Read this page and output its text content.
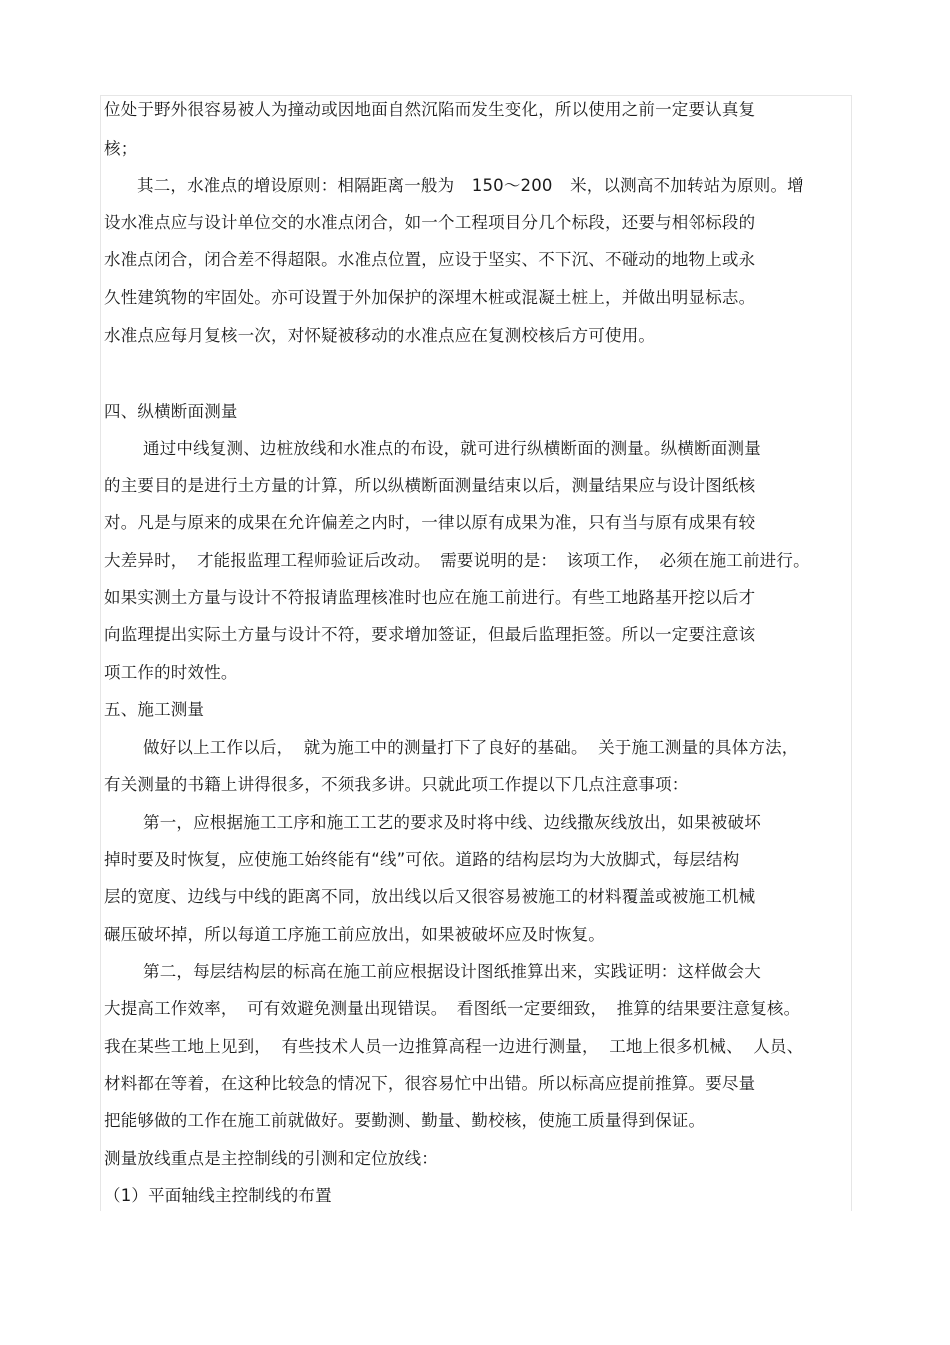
位处于野外很容易被人为撞动或因地面自然沉陷而发生变化，所以使用之前一定要认真复
核；
其二，水准点的增设原则：相隔距离一般为 150～200 米，以测高不加转站为原则。增
设水准点应与设计单位交的水准点闭合，如一个工程项目分几个标段，还要与相邻标段的
水准点闭合，闭合差不得超限。水准点位置，应设于坚实、不下沉、不碰动的地物上或永
久性建筑物的牢固处。亦可设置于外加保护的深埋木桩或混凝土桩上，并做出明显标志。
水准点应每月复核一次，对怀疑被移动的水准点应在复测校核后方可使用。
四、纵横断面测量
通过中线复测、边桩放线和水准点的布设，就可进行纵横断面的测量。纵横断面测量
的主要目的是进行土方量的计算，所以纵横断面测量结束以后，测量结果应与设计图纸核
对。凡是与原来的成果在允许偏差之内时，一律以原有成果为准，只有当与原有成果有较
大差异时， 才能报监理工程师验证后改动。 需要说明的是： 该项工作， 必须在施工前进行。
如果实测土方量与设计不符报请监理核准时也应在施工前进行。有些工地路基开挖以后才
向监理提出实际土方量与设计不符，要求增加签证，但最后监理拒签。所以一定要注意该
项工作的时效性。
五、施工测量
做好以上工作以后， 就为施工中的测量打下了良好的基础。 关于施工测量的具体方法，
有关测量的书籍上讲得很多，不须我多讲。只就此项工作提以下几点注意事项：
第一，应根据施工工序和施工工艺的要求及时将中线、边线撒灰线放出，如果被破坏
掉时要及时恢复，应使施工始终能有“线”可依。道路的结构层均为大放脚式，每层结构
层的宽度、边线与中线的距离不同，放出线以后又很容易被施工的材料覆盖或被施工机械
碾压破坏掉，所以每道工序施工前应放出，如果被破坏应及时恢复。
第二，每层结构层的标高在施工前应根据设计图纸推算出来，实践证明：这样做会大
大提高工作效率， 可有效避免测量出现错误。 看图纸一定要细致， 推算的结果要注意复核。
我在某些工地上见到， 有些技术人员一边推算高程一边进行测量， 工地上很多机械、 人员、
材料都在等着，在这种比较急的情况下，很容易忙中出错。所以标高应提前推算。要尽量
把能够做的工作在施工前就做好。要勤测、勤量、勤校核，使施工质量得到保证。
测量放线重点是主控制线的引测和定位放线：
（1）平面轴线主控制线的布置
